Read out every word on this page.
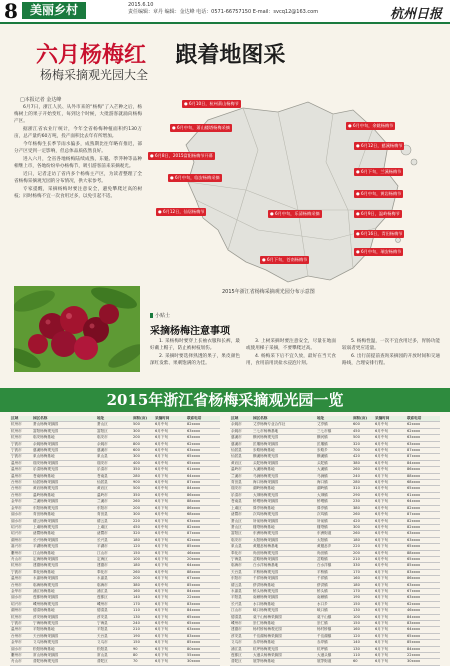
8	美丽乡村	2015.6.10
责任编辑：章丹 编辑：金达峰 电话：0571-66757150 E-mail：svcq12@163.com	杭州日报
六月杨梅红 跟着地图采
杨梅采摘观光园大全
□本报记者 金达峰

6月7日，浙江人民、从外市来的“杨梅”了入芒种之后，杨梅树上的果子开始变红，每到这个时候，大批游客就涌向杨梅产区。

据浙江省农业厅统计，今年全省杨梅种植面积约130万亩，总产量约60万吨，投产面积比去年有所增加。

今年杨梅生长季节雨水偏多，成熟期比往年略有推迟，部分产区受到一定影响，但总体品质依然良好。

进入六月，全省各地杨梅陆续成熟，东魁、荸荠种等品种相继上市，各地纷纷举办杨梅节，吸引游客前来采摘观光。

近日，记者走访了省内多个杨梅主产区，为读者整理了全省杨梅采摘观光园的分布情况，供大家参考。

专家提醒，采摘杨梅时要注意安全，避免攀爬过高的树枝；同时杨梅不宜一次食用过多，以免引起不适。

● 6月10日，杭州萧山杨梅节
● 6月中旬，萧山楼塔杨梅采摘
● 6月8日，2015富阳杨梅节开幕
● 6月中旬，临安杨梅采摘
● 6月12日，仙居杨梅节
● 6月中旬，余姚杨梅节
● 6月12日，慈溪杨梅节
● 6月下旬，兰溪杨梅节
● 6月中旬，黄岩杨梅节
● 6月9日，温岭杨梅节
● 6月16日，青田杨梅节
● 6月中旬，瑞安杨梅节
● 6月下旬，苍南杨梅节
● 6月中旬，乐清杨梅采摘
2015年浙江省杨梅采摘观光园分布示意图
小贴士
采摘杨梅注意事项

1. 采杨梅时要穿上长袖衣服和长裤，最好戴上帽子，防止被树枝划伤。

2. 采摘时要选择熟透的果子，果皮颜色深红发紫、果刺饱满的为佳。

3. 上树采摘时要注意安全，尽量在地面或使用梯子采摘，不要攀爬过高。

4. 杨梅采下后不宜久放，最好在当天食用，食用前用淡盐水浸泡片刻。

5. 杨梅性温，一次不宜食用过多，胃肠功能较弱者更应适量。

6. 出行前提前查询采摘园的开放时间和交通路线，合理安排行程。

2015年浙江省杨梅采摘观光园一览
区域	园区名称	地址	面积(亩)	采摘时间	联系电话
杭州市	萧山杨梅采摘园	萧山区	500	6月中旬	82xxxx
杭州市	富阳杨梅观光园	富阳区	300	6月中旬	63xxxx
杭州市	临安杨梅基地	临安市	200	6月下旬	63xxxx
宁波市	余姚杨梅采摘园	余姚市	800	6月中旬	62xxxx
宁波市	慈溪杨梅观光园	慈溪市	600	6月中旬	63xxxx
宁波市	象山杨梅基地	象山县	300	6月下旬	65xxxx
温州市	瑞安杨梅采摘园	瑞安市	400	6月中旬	65xxxx
温州市	乐清杨梅观光园	乐清市	350	6月中旬	61xxxx
温州市	苍南杨梅基地	苍南县	280	6月下旬	64xxxx
台州市	仙居杨梅采摘园	仙居县	900	6月中旬	87xxxx
台州市	黄岩杨梅观光园	黄岩区	500	6月中旬	84xxxx
台州市	温岭杨梅基地	温岭市	350	6月中旬	86xxxx
金华市	兰溪杨梅采摘园	兰溪市	260	6月下旬	88xxxx
金华市	东阳杨梅观光园	东阳市	200	6月下旬	86xxxx
丽水市	青田杨梅基地	青田县	300	6月中旬	68xxxx
丽水市	缙云杨梅采摘园	缙云县	220	6月下旬	63xxxx
绍兴市	上虞杨梅观光园	上虞区	450	6月中旬	82xxxx
绍兴市	诸暨杨梅基地	诸暨市	320	6月中旬	87xxxx
湖州市	长兴杨梅采摘园	长兴县	180	6月下旬	62xxxx
嘉兴市	平湖杨梅观光园	平湖市	120	6月下旬	85xxxx
衢州市	江山杨梅基地	江山市	150	6月下旬	46xxxx
舟山市	定海杨梅采摘园	定海区	100	6月下旬	20xxxx
杭州市	建德杨梅观光园	建德市	180	6月下旬	64xxxx
宁波市	奉化杨梅基地	奉化市	260	6月中旬	88xxxx
温州市	永嘉杨梅采摘园	永嘉县	200	6月下旬	67xxxx
台州市	临海杨梅观光园	临海市	380	6月中旬	85xxxx
金华市	浦江杨梅基地	浦江县	160	6月下旬	84xxxx
丽水市	莲都杨梅采摘园	莲都区	140	6月下旬	22xxxx
绍兴市	嵊州杨梅观光园	嵊州市	170	6月下旬	83xxxx
湖州市	德清杨梅基地	德清县	110	6月下旬	84xxxx
杭州市	淳安杨梅采摘园	淳安县	130	6月下旬	65xxxx
宁波市	宁海杨梅观光园	宁海县	240	6月中旬	65xxxx
温州市	平阳杨梅基地	平阳县	210	6月下旬	63xxxx
台州市	天台杨梅采摘园	天台县	190	6月下旬	83xxxx
金华市	义乌杨梅观光园	义乌市	150	6月下旬	85xxxx
丽水市	松阳杨梅基地	松阳县	90	6月下旬	80xxxx
衢州市	常山杨梅采摘园	常山县	80	6月下旬	55xxxx
舟山市	普陀杨梅观光园	普陀区	70	6月下旬	30xxxx
区域	园区名称	地址	面积(亩)	采摘时间	联系电话
余姚市	丈亭杨梅专业合作社	丈亭镇	600	6月中旬	62xxxx
余姚市	三七市杨梅基地	三七市镇	450	6月中旬	62xxxx
慈溪市	横河杨梅观光园	横河镇	500	6月中旬	63xxxx
慈溪市	匡堰杨梅采摘园	匡堰镇	320	6月中旬	63xxxx
仙居县	步路杨梅基地	步路乡	700	6月中旬	87xxxx
仙居县	横溪杨梅观光园	横溪镇	420	6月中旬	87xxxx
黄岩区	头陀杨梅采摘园	头陀镇	380	6月中旬	84xxxx
温岭市	大溪杨梅基地	大溪镇	260	6月中旬	86xxxx
兰溪市	马涧杨梅观光园	马涧镇	240	6月下旬	88xxxx
青田县	海口杨梅采摘园	海口镇	280	6月中旬	68xxxx
瑞安市	湖岭杨梅基地	湖岭镇	310	6月中旬	65xxxx
乐清市	大荆杨梅观光园	大荆镇	290	6月中旬	61xxxx
苍南县	桥墩杨梅采摘园	桥墩镇	230	6月下旬	64xxxx
上虞区	驿亭杨梅基地	驿亭镇	380	6月中旬	82xxxx
诸暨市	次坞杨梅观光园	次坞镇	260	6月中旬	87xxxx
萧山区	所前杨梅采摘园	所前镇	420	6月中旬	82xxxx
萧山区	楼塔杨梅基地	楼塔镇	300	6月中旬	82xxxx
富阳区	东洲杨梅观光园	东洲街道	260	6月中旬	63xxxx
临安市	太阳杨梅采摘园	太阳镇	180	6月下旬	63xxxx
象山县	黄避岙杨梅基地	黄避岙乡	220	6月下旬	65xxxx
奉化市	尚田杨梅观光园	尚田镇	200	6月中旬	88xxxx
宁海县	岔路杨梅采摘园	岔路镇	210	6月中旬	65xxxx
临海市	白水洋杨梅基地	白水洋镇	330	6月中旬	85xxxx
天台县	平桥杨梅观光园	平桥镇	170	6月下旬	83xxxx
东阳市	千祥杨梅采摘园	千祥镇	160	6月下旬	86xxxx
缙云县	舒洪杨梅基地	舒洪镇	180	6月下旬	63xxxx
永嘉县	桥头杨梅观光园	桥头镇	170	6月下旬	67xxxx
平阳县	南雁杨梅采摘园	南雁镇	190	6月下旬	63xxxx
长兴县	水口杨梅基地	水口乡	150	6月下旬	62xxxx
江山市	峡口杨梅观光园	峡口镇	130	6月下旬	46xxxx
德清县	莫干山杨梅采摘园	莫干山镇	100	6月下旬	84xxxx
嵊州市	崇仁杨梅基地	崇仁镇	150	6月下旬	83xxxx
建德市	杨村桥杨梅观光园	杨村桥镇	160	6月下旬	64xxxx
淳安县	千岛湖杨梅采摘园	千岛湖镇	120	6月下旬	65xxxx
义乌市	赤岸杨梅基地	赤岸镇	140	6月下旬	85xxxx
浦江县	杭坪杨梅观光园	杭坪镇	130	6月下旬	84xxxx
莲都区	大港头杨梅采摘园	大港头镇	110	6月下旬	22xxxx
普陀区	展茅杨梅基地	展茅街道	60	6月下旬	30xxxx
